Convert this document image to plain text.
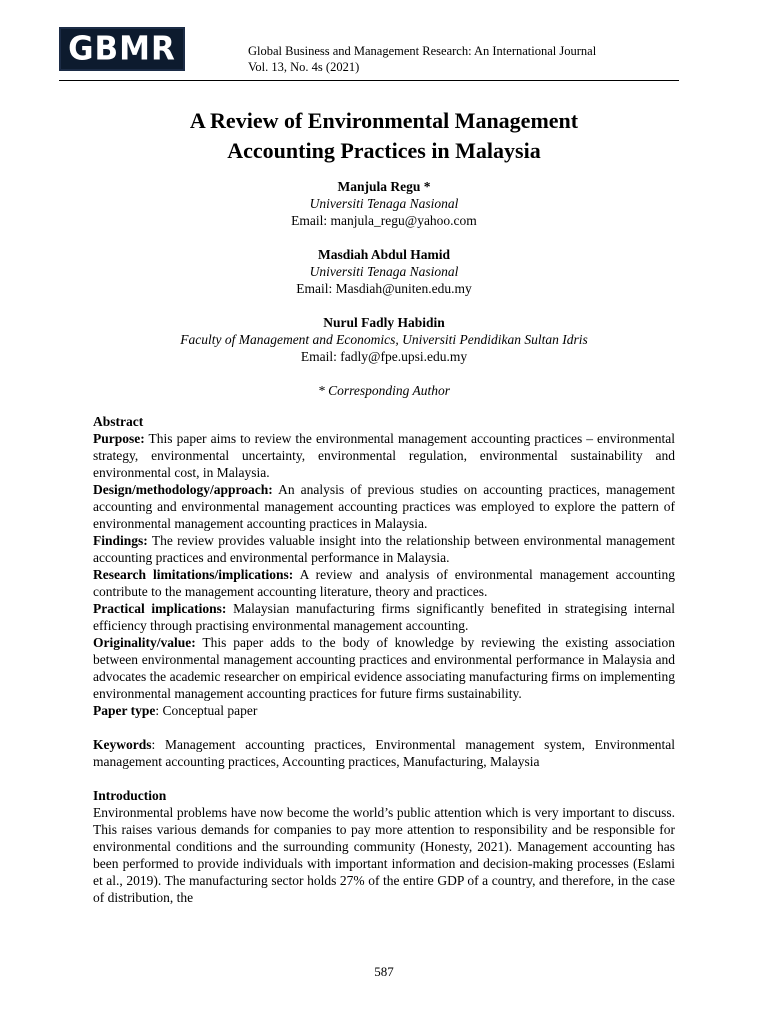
GBMR	Global Business and Management Research: An International Journal
Vol. 13, No. 4s (2021)
A Review of Environmental Management
Accounting Practices in Malaysia
Manjula Regu *
Universiti Tenaga Nasional
Email: manjula_regu@yahoo.com
Masdiah Abdul Hamid
Universiti Tenaga Nasional
Email: Masdiah@uniten.edu.my
Nurul Fadly Habidin
Faculty of Management and Economics, Universiti Pendidikan Sultan Idris
Email: fadly@fpe.upsi.edu.my
* Corresponding Author

Abstract

Purpose: This paper aims to review the environmental management accounting practices – environmental strategy, environmental uncertainty, environmental regulation, environmental sustainability and environmental cost, in Malaysia.

Design/methodology/approach: An analysis of previous studies on accounting practices, management accounting and environmental management accounting practices was employed to explore the pattern of environmental management accounting practices in Malaysia.

Findings: The review provides valuable insight into the relationship between environmental management accounting practices and environmental performance in Malaysia.

Research limitations/implications: A review and analysis of environmental management accounting contribute to the management accounting literature, theory and practices.

Practical implications: Malaysian manufacturing firms significantly benefited in strategising internal efficiency through practising environmental management accounting.

Originality/value: This paper adds to the body of knowledge by reviewing the existing association between environmental management accounting practices and environmental performance in Malaysia and advocates the academic researcher on empirical evidence associating manufacturing firms on implementing environmental management accounting practices for future firms sustainability.

Paper type: Conceptual paper

Keywords: Management accounting practices, Environmental management system, Environmental management accounting practices, Accounting practices, Manufacturing, Malaysia

Introduction

Environmental problems have now become the world’s public attention which is very important to discuss. This raises various demands for companies to pay more attention to responsibility and be responsible for environmental conditions and the surrounding community (Honesty, 2021). Management accounting has been performed to provide individuals with important information and decision-making processes (Eslami et al., 2019). The manufacturing sector holds 27% of the entire GDP of a country, and therefore, in the case of distribution, the

587
